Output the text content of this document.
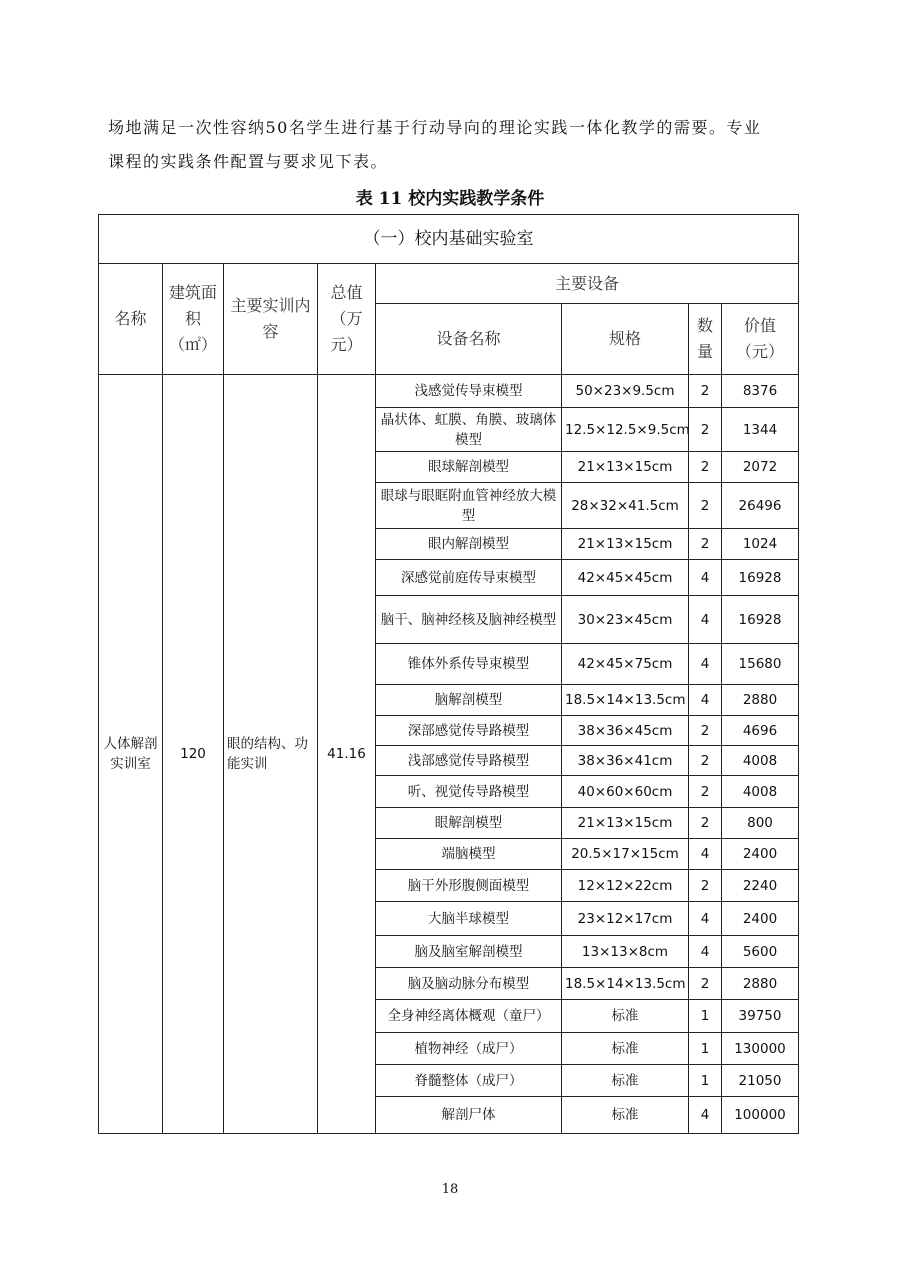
场地满足一次性容纳50名学生进行基于行动导向的理论实践一体化教学的需要。专业
课程的实践条件配置与要求见下表。
表 11 校内实践教学条件
（一）校内基础实验室							
名称	建筑面积（㎡）	主要实训内容	总值（万元）	主要设备			
				设备名称	规格	数量	价值（元）
人体解剖实训室	120	眼的结构、功能实训	41.16	浅感觉传导束模型	50×23×9.5cm	2	8376
				晶状体、虹膜、角膜、玻璃体模型	12.5×12.5×9.5cm	2	1344
				眼球解剖模型	21×13×15cm	2	2072
				眼球与眼眶附血管神经放大模型	28×32×41.5cm	2	26496
				眼内解剖模型	21×13×15cm	2	1024
				深感觉前庭传导束模型	42×45×45cm	4	16928
				脑干、脑神经核及脑神经模型	30×23×45cm	4	16928
				锥体外系传导束模型	42×45×75cm	4	15680
				脑解剖模型	18.5×14×13.5cm	4	2880
				深部感觉传导路模型	38×36×45cm	2	4696
				浅部感觉传导路模型	38×36×41cm	2	4008
				听、视觉传导路模型	40×60×60cm	2	4008
				眼解剖模型	21×13×15cm	2	800
				端脑模型	20.5×17×15cm	4	2400
				脑干外形腹侧面模型	12×12×22cm	2	2240
				大脑半球模型	23×12×17cm	4	2400
				脑及脑室解剖模型	13×13×8cm	4	5600
				脑及脑动脉分布模型	18.5×14×13.5cm	2	2880
				全身神经离体概观（童尸）	标准	1	39750
				植物神经（成尸）	标准	1	130000
				脊髓整体（成尸）	标准	1	21050
				解剖尸体	标准	4	100000
18
